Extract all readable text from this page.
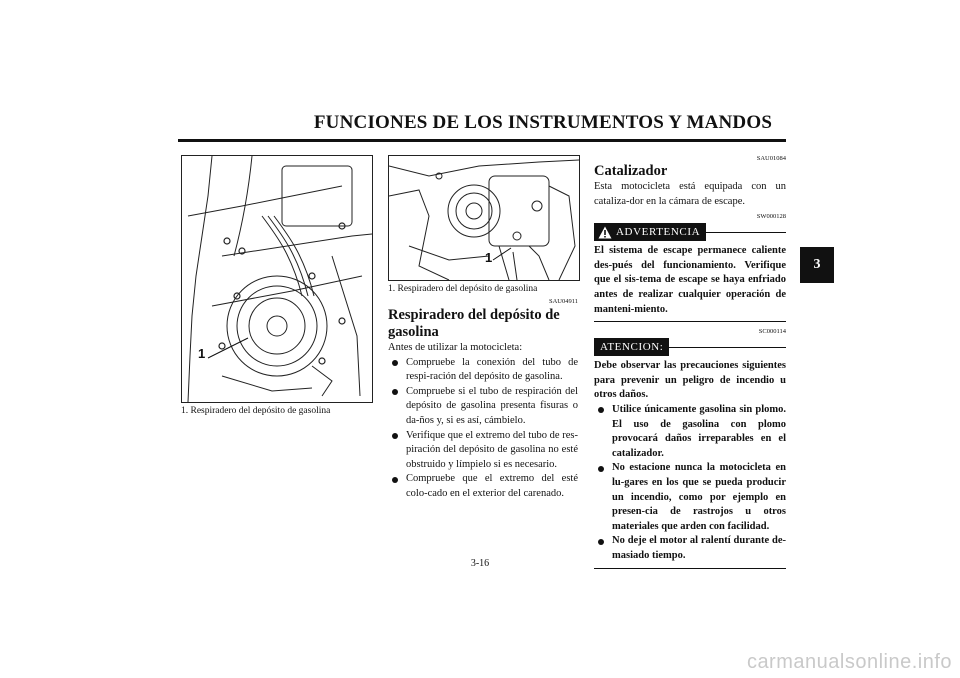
FUNCIONES DE LOS INSTRUMENTOS Y MANDOS
3
1
1. Respiradero del depósito de gasolina
1
1. Respiradero del depósito de gasolina
SAU04911
Respiradero del depósito de gasolina
Antes de utilizar la motocicleta:
Compruebe la conexión del tubo de respi-ración del depósito de gasolina.
Compruebe si el tubo de respiración del depósito de gasolina presenta fisuras o da-ños y, si es así, cámbielo.
Verifique que el extremo del tubo de res-piración del depósito de gasolina no esté obstruido y límpielo si es necesario.
Compruebe que el extremo del esté colo-cado en el exterior del carenado.
SAU01084
Catalizador
Esta motocicleta está equipada con un cataliza-dor en la cámara de escape.
SW000128
ADVERTENCIA
El sistema de escape permanece caliente des-pués del funcionamiento. Verifique que el sis-tema de escape se haya enfriado antes de realizar cualquier operación de manteni-miento.
SC000114
ATENCION:
Debe observar las precauciones siguientes para prevenir un peligro de incendio u otros daños.
Utilice únicamente gasolina sin plomo. El uso de gasolina con plomo provocará daños irreparables en el catalizador.
No estacione nunca la motocicleta en lu-gares en los que se pueda producir un incendio, como por ejemplo en presen-cia de rastrojos u otros materiales que arden con facilidad.
No deje el motor al ralentí durante de-masiado tiempo.
3-16
carmanualsonline.info
